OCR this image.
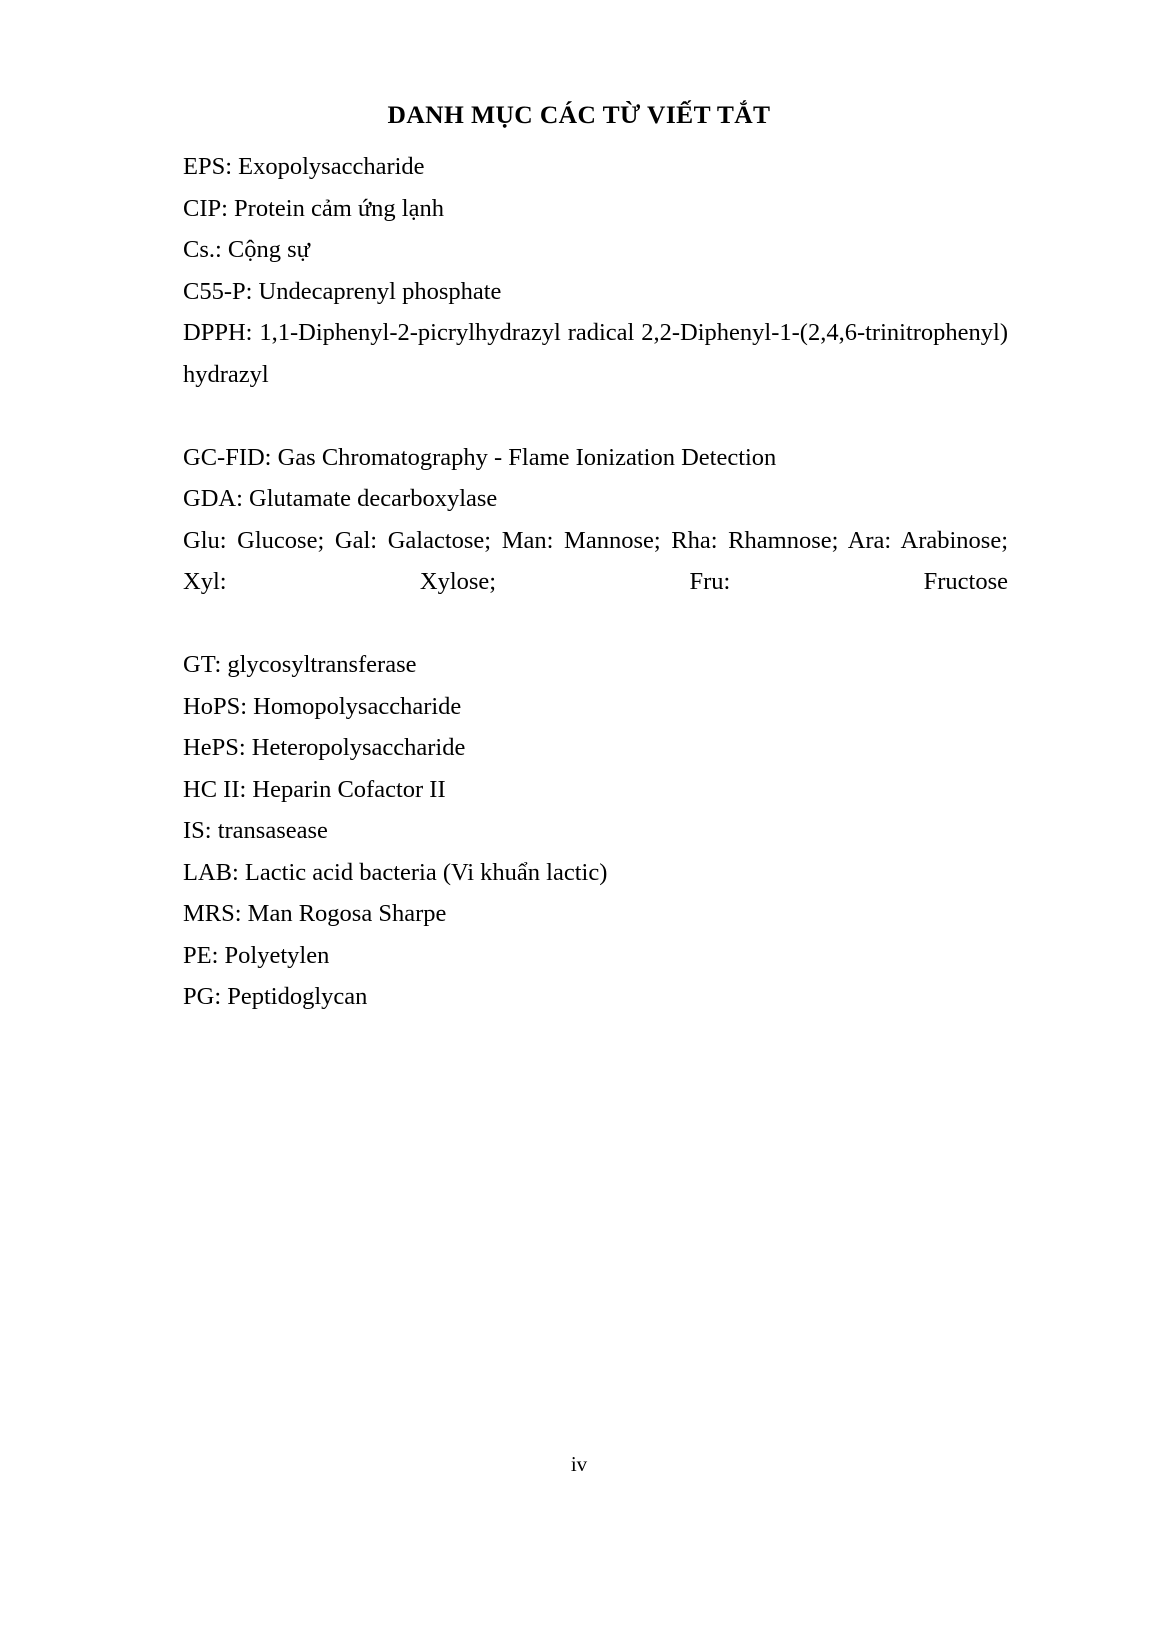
DANH MỤC CÁC TỪ VIẾT TẮT

EPS: Exopolysaccharide

CIP: Protein cảm ứng lạnh

Cs.: Cộng sự

C55-P: Undecaprenyl phosphate

DPPH: 1,1-Diphenyl-2-picrylhydrazyl radical 2,2-Diphenyl-1-(2,4,6-trinitrophenyl) hydrazyl

GC-FID: Gas Chromatography - Flame Ionization Detection

GDA: Glutamate decarboxylase

Glu: Glucose; Gal: Galactose; Man: Mannose; Rha: Rhamnose; Ara: Arabinose; Xyl: Xylose; Fru: Fructose

GT: glycosyltransferase

HoPS: Homopolysaccharide

HePS: Heteropolysaccharide

HC II: Heparin Cofactor II

IS: transasease

LAB: Lactic acid bacteria (Vi khuẩn lactic)

MRS: Man Rogosa Sharpe

PE: Polyetylen

PG: Peptidoglycan

iv
